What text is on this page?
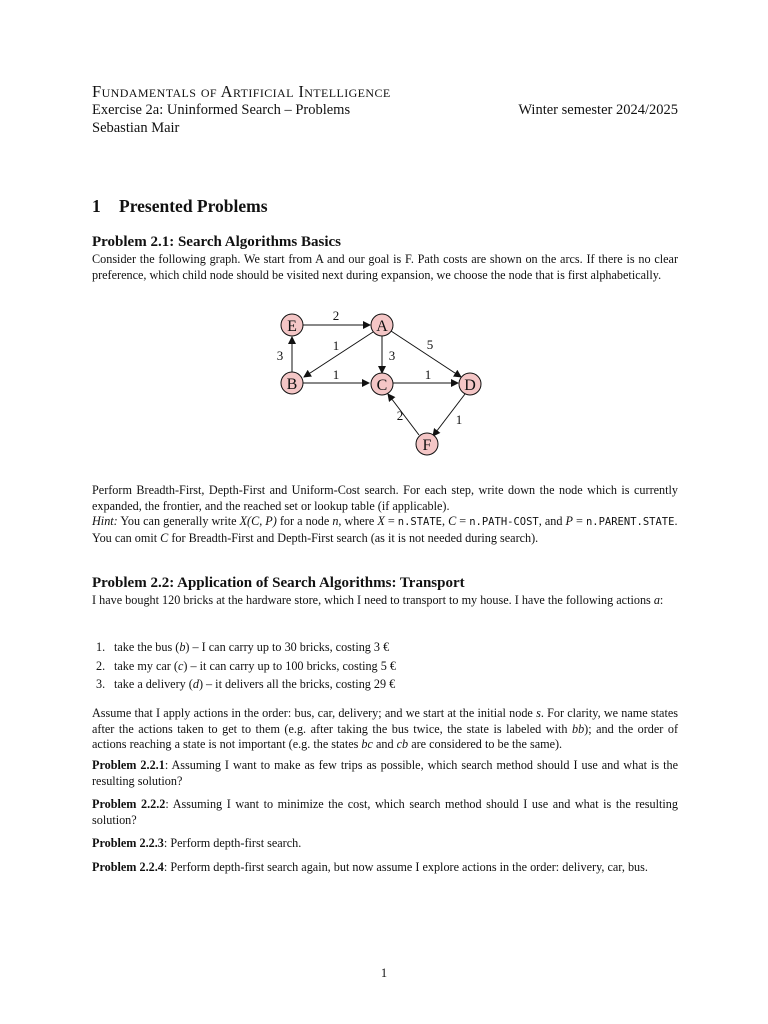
Fundamentals of Artificial Intelligence
Exercise 2a: Uninformed Search – Problems	Winter semester 2024/2025
Sebastian Mair
1 Presented Problems
Problem 2.1: Search Algorithms Basics

Consider the following graph. We start from A and our goal is F. Path costs are shown on the arcs. If there is no clear preference, which child node should be visited next during expansion, we choose the node that is first alphabetically.

2
3
1
3
5
1	1
1
2
E	A
B	C	D
F

Perform Breadth-First, Depth-First and Uniform-Cost search. For each step, write down the node which is currently expanded, the frontier, and the reached set or lookup table (if applicable).

Hint: You can generally write X(C, P) for a node n, where X = n.STATE, C = n.PATH-COST, and P = n.PARENT.STATE.
You can omit C for Breadth-First and Depth-First search (as it is not needed during search).

Problem 2.2: Application of Search Algorithms: Transport

I have bought 120 bricks at the hardware store, which I need to transport to my house. I have the following actions a:

1. take the bus (b) – I can carry up to 30 bricks, costing 3 €
2. take my car (c) – it can carry up to 100 bricks, costing 5 €
3. take a delivery (d) – it delivers all the bricks, costing 29 €

Assume that I apply actions in the order: bus, car, delivery; and we start at the initial node s. For clarity, we name states after the actions taken to get to them (e.g. after taking the bus twice, the state is labeled with bb); and the order of actions reaching a state is not important (e.g. the states bc and cb are considered to be the same).

Problem 2.2.1: Assuming I want to make as few trips as possible, which search method should I use and what is the resulting solution?

Problem 2.2.2: Assuming I want to minimize the cost, which search method should I use and what is the resulting solution?

Problem 2.2.3: Perform depth-first search.

Problem 2.2.4: Perform depth-first search again, but now assume I explore actions in the order: delivery, car, bus.

1
